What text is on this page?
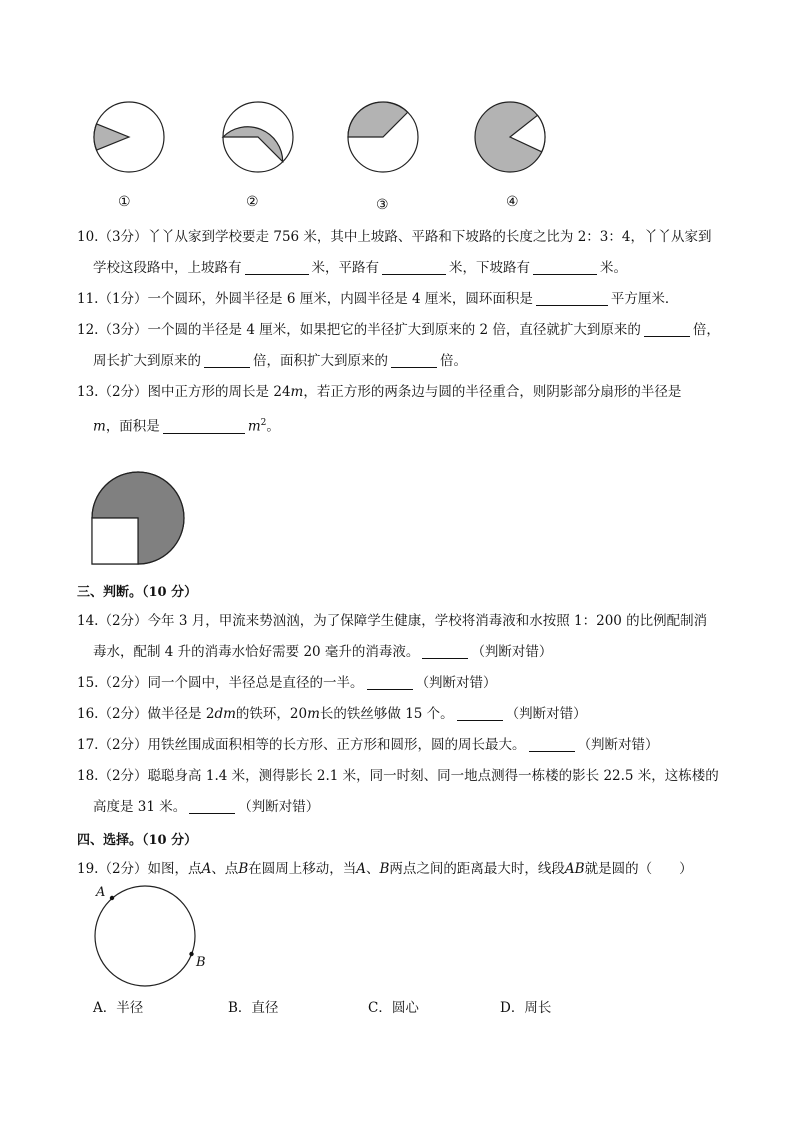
①	②	③	④
10.（3分）丫丫从家到学校要走 756 米，其中上坡路、平路和下坡路的长度之比为 2：3：4，丫丫从家到
学校这段路中，上坡路有	米，平路有	米，下坡路有	米。
11.（1分）一个圆环，外圆半径是 6 厘米，内圆半径是 4 厘米，圆环面积是	平方厘米．
12.（3分）一个圆的半径是 4 厘米，如果把它的半径扩大到原来的 2 倍，直径就扩大到原来的	倍，
周长扩大到原来的	倍，面积扩大到原来的	倍。
13.（2分）图中正方形的周长是 24m，若正方形的两条边与圆的半径重合，则阴影部分扇形的半径是
m，面积是	$m^2$。
三、判断。（10 分）
14.（2分）今年 3 月，甲流来势汹汹，为了保障学生健康，学校将消毒液和水按照 1：200 的比例配制消
毒水，配制 4 升的消毒水恰好需要 20 毫升的消毒液。	（判断对错）
15.（2分）同一个圆中，半径总是直径的一半。	（判断对错）
16.（2分）做半径是 2dm的铁环，20m长的铁丝够做 15 个。	（判断对错）
17.（2分）用铁丝围成面积相等的长方形、正方形和圆形，圆的周长最大。	（判断对错）
18.（2分）聪聪身高 1.4 米，测得影长 2.1 米，同一时刻、同一地点测得一栋楼的影长 22.5 米，这栋楼的
高度是 31 米。	（判断对错）
四、选择。（10 分）
19.（2分）如图，点A、点B在圆周上移动，当A、B两点之间的距离最大时，线段AB就是圆的（　　）
A
B
A．半径	B．直径	C．圆心	D．周长
